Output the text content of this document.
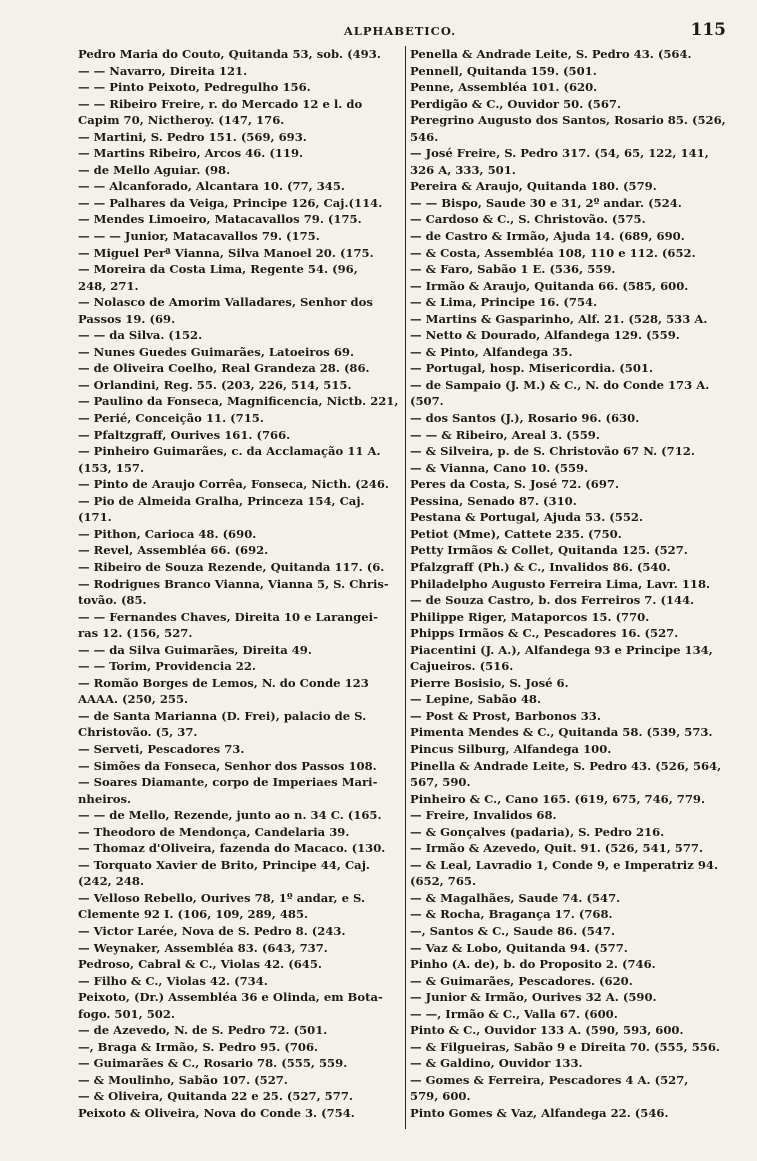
ALPHABETICO.	115

Pedro Maria do Couto, Quitanda 53, sob. (493.

— — Navarro, Direita 121.

— — Pinto Peixoto, Pedregulho 156.

— — Ribeiro Freire, r. do Mercado 12 e l. do

Capim 70, Nictheroy. (147, 176.

— Martini, S. Pedro 151. (569, 693.

— Martins Ribeiro, Arcos 46. (119.

— de Mello Aguiar. (98.

— — Alcanforado, Alcantara 10. (77, 345.

— — Palhares da Veiga, Principe 126, Caj.(114.

— Mendes Limoeiro, Matacavallos 79. (175.

— — — Junior, Matacavallos 79. (175.

— Miguel Perª Vianna, Silva Manoel 20. (175.

— Moreira da Costa Lima, Regente 54. (96,

248, 271.

— Nolasco de Amorim Valladares, Senhor dos

Passos 19. (69.

— — da Silva. (152.

— Nunes Guedes Guimarães, Latoeiros 69.

— de Oliveira Coelho, Real Grandeza 28. (86.

— Orlandini, Reg. 55. (203, 226, 514, 515.

— Paulino da Fonseca, Magnificencia, Nictb. 221,

— Perié, Conceição 11. (715.

— Pfaltzgraff, Ourives 161. (766.

— Pinheiro Guimarães, c. da Acclamação 11 A.

(153, 157.

— Pinto de Araujo Corrêa, Fonseca, Nicth. (246.

— Pio de Almeida Gralha, Princeza 154, Caj.

(171.

— Pithon, Carioca 48. (690.

— Revel, Assembléa 66. (692.

— Ribeiro de Souza Rezende, Quitanda 117. (6.

— Rodrigues Branco Vianna, Vianna 5, S. Chris-

tovão. (85.

— — Fernandes Chaves, Direita 10 e Larangei-

ras 12. (156, 527.

— — da Silva Guimarães, Direita 49.

— — Torim, Providencia 22.

— Romão Borges de Lemos, N. do Conde 123

AAAA. (250, 255.

— de Santa Marianna (D. Frei), palacio de S.

Christovão. (5, 37.

— Serveti, Pescadores 73.

— Simões da Fonseca, Senhor dos Passos 108.

— Soares Diamante, corpo de Imperiaes Mari-

nheiros.

— — de Mello, Rezende, junto ao n. 34 C. (165.

— Theodoro de Mendonça, Candelaria 39.

— Thomaz d'Oliveira, fazenda do Macaco. (130.

— Torquato Xavier de Brito, Principe 44, Caj.

(242, 248.

— Velloso Rebello, Ourives 78, 1º andar, e S.

Clemente 92 I. (106, 109, 289, 485.

— Victor Larée, Nova de S. Pedro 8. (243.

— Weynaker, Assembléa 83. (643, 737.

Pedroso, Cabral & C., Violas 42. (645.

— Filho & C., Violas 42. (734.

Peixoto, (Dr.) Assembléa 36 e Olinda, em Bota-

fogo. 501, 502.

— de Azevedo, N. de S. Pedro 72. (501.

—, Braga & Irmão, S. Pedro 95. (706.

— Guimarães & C., Rosario 78. (555, 559.

— & Moulinho, Sabão 107. (527.

— & Oliveira, Quitanda 22 e 25. (527, 577.

Peixoto & Oliveira, Nova do Conde 3. (754.

Penella & Andrade Leite, S. Pedro 43. (564.

Pennell, Quitanda 159. (501.

Penne, Assembléa 101. (620.

Perdigão & C., Ouvidor 50. (567.

Peregrino Augusto dos Santos, Rosario 85. (526,

546.

— José Freire, S. Pedro 317. (54, 65, 122, 141,

326 A, 333, 501.

Pereira & Araujo, Quitanda 180. (579.

— — Bispo, Saude 30 e 31, 2º andar. (524.

— Cardoso & C., S. Christovão. (575.

— de Castro & Irmão, Ajuda 14. (689, 690.

— & Costa, Assembléa 108, 110 e 112. (652.

— & Faro, Sabão 1 E. (536, 559.

— Irmão & Araujo, Quitanda 66. (585, 600.

— & Lima, Principe 16. (754.

— Martins & Gasparinho, Alf. 21. (528, 533 A.

— Netto & Dourado, Alfandega 129. (559.

— & Pinto, Alfandega 35.

— Portugal, hosp. Misericordia. (501.

— de Sampaio (J. M.) & C., N. do Conde 173 A.

(507.

— dos Santos (J.), Rosario 96. (630.

— — & Ribeiro, Areal 3. (559.

— & Silveira, p. de S. Christovão 67 N. (712.

— & Vianna, Cano 10. (559.

Peres da Costa, S. José 72. (697.

Pessina, Senado 87. (310.

Pestana & Portugal, Ajuda 53. (552.

Petiot (Mme), Cattete 235. (750.

Petty Irmãos & Collet, Quitanda 125. (527.

Pfalzgraff (Ph.) & C., Invalidos 86. (540.

Philadelpho Augusto Ferreira Lima, Lavr. 118.

— de Souza Castro, b. dos Ferreiros 7. (144.

Philippe Riger, Mataporcos 15. (770.

Phipps Irmãos & C., Pescadores 16. (527.

Piacentini (J. A.), Alfandega 93 e Principe 134,

Cajueiros. (516.

Pierre Bosisio, S. José 6.

— Lepine, Sabão 48.

— Post & Prost, Barbonos 33.

Pimenta Mendes & C., Quitanda 58. (539, 573.

Pincus Silburg, Alfandega 100.

Pinella & Andrade Leite, S. Pedro 43. (526, 564,

567, 590.

Pinheiro & C., Cano 165. (619, 675, 746, 779.

— Freire, Invalidos 68.

— & Gonçalves (padaria), S. Pedro 216.

— Irmão & Azevedo, Quit. 91. (526, 541, 577.

— & Leal, Lavradio 1, Conde 9, e Imperatriz 94.

(652, 765.

— & Magalhães, Saude 74. (547.

— & Rocha, Bragança 17. (768.

—, Santos & C., Saude 86. (547.

— Vaz & Lobo, Quitanda 94. (577.

Pinho (A. de), b. do Proposito 2. (746.

— & Guimarães, Pescadores. (620.

— Junior & Irmão, Ourives 32 A. (590.

— —, Irmão & C., Valla 67. (600.

Pinto & C., Ouvidor 133 A. (590, 593, 600.

— & Filgueiras, Sabão 9 e Direita 70. (555, 556.

— & Galdino, Ouvidor 133.

— Gomes & Ferreira, Pescadores 4 A. (527,

579, 600.

Pinto Gomes & Vaz, Alfandega 22. (546.
